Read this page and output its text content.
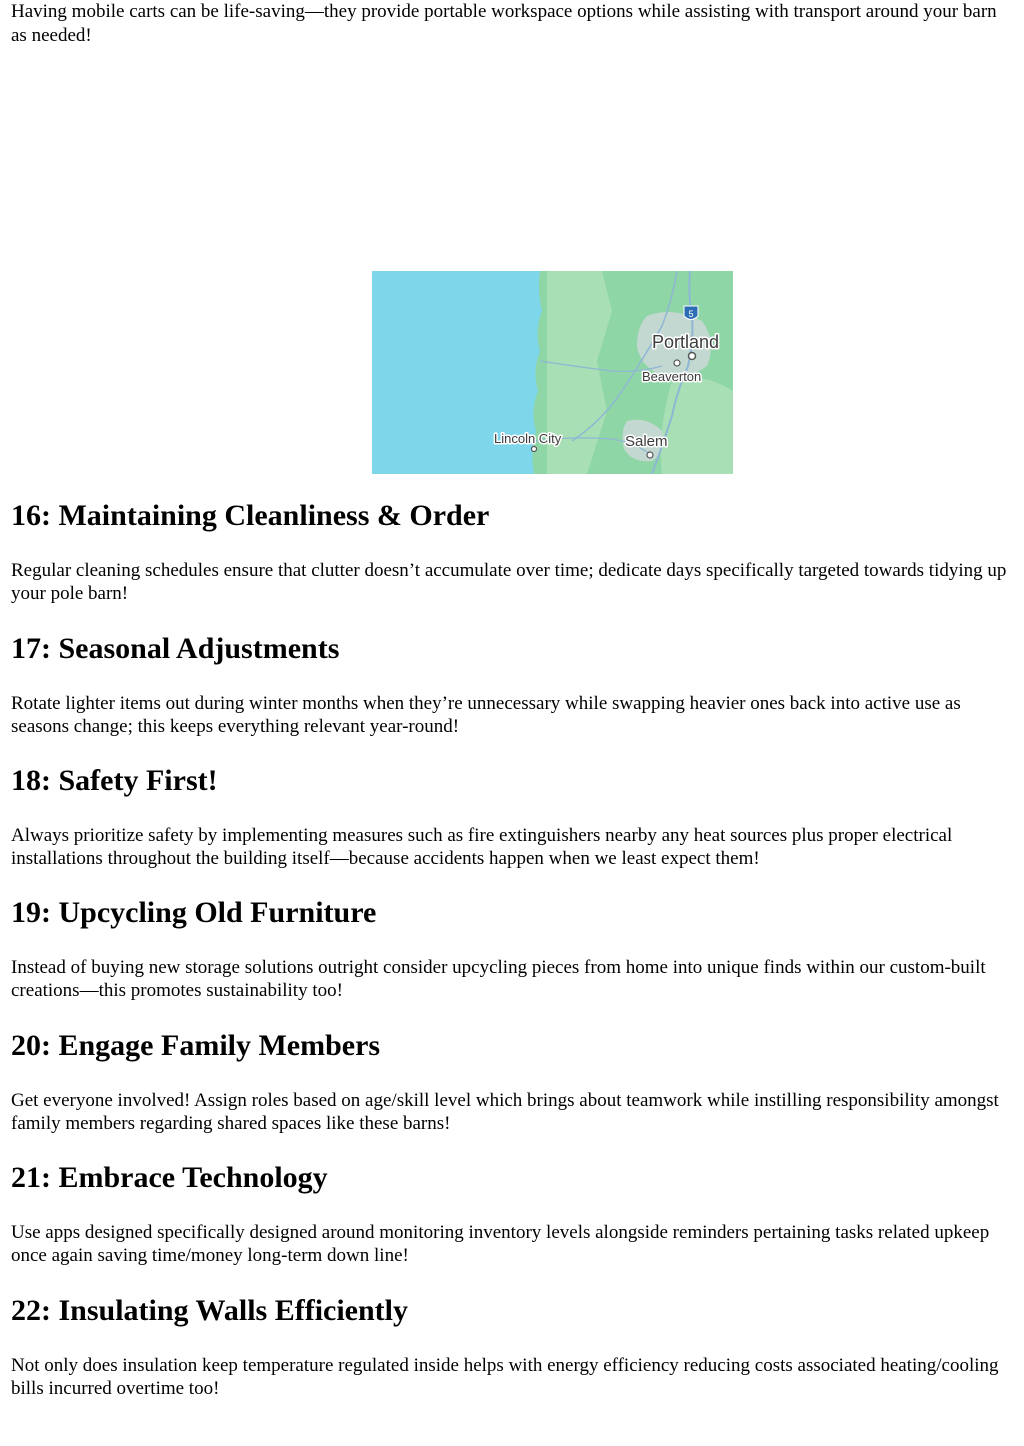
Having mobile carts can be life-saving—they provide portable workspace options while assisting with transport around your barn as needed!

5
Portland
Beaverton
Lincoln City	Salem
16: Maintaining Cleanliness & Order

Regular cleaning schedules ensure that clutter doesn’t accumulate over time; dedicate days specifically targeted towards tidying up your pole barn!

17: Seasonal Adjustments

Rotate lighter items out during winter months when they’re unnecessary while swapping heavier ones back into active use as seasons change; this keeps everything relevant year-round!

18: Safety First!

Always prioritize safety by implementing measures such as fire extinguishers nearby any heat sources plus proper electrical installations throughout the building itself—because accidents happen when we least expect them!

19: Upcycling Old Furniture

Instead of buying new storage solutions outright consider upcycling pieces from home into unique finds within our custom-built creations—this promotes sustainability too!

20: Engage Family Members

Get everyone involved! Assign roles based on age/skill level which brings about teamwork while instilling responsibility amongst family members regarding shared spaces like these barns!

21: Embrace Technology

Use apps designed specifically designed around monitoring inventory levels alongside reminders pertaining tasks related upkeep once again saving time/money long-term down line!

22: Insulating Walls Efficiently

Not only does insulation keep temperature regulated inside helps with energy efficiency reducing costs associated heating/cooling bills incurred overtime too!
